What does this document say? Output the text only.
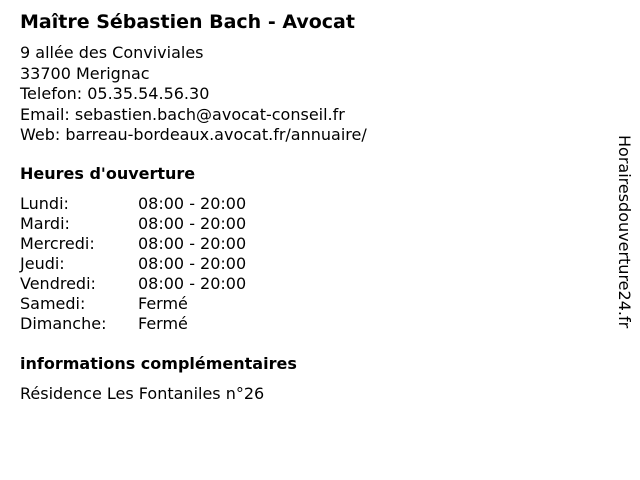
Maître Sébastien Bach - Avocat
9 allée des Conviviales
33700 Merignac
Telefon: 05.35.54.56.30
Email: sebastien.bach@avocat-conseil.fr
Web: barreau-bordeaux.avocat.fr/annuaire/
Heures d'ouverture
Lundi:	08:00 - 20:00
Mardi:	08:00 - 20:00
Mercredi:	08:00 - 20:00
Jeudi:	08:00 - 20:00
Vendredi:	08:00 - 20:00
Samedi:	Fermé
Dimanche:	Fermé
informations complémentaires
Résidence Les Fontaniles n°26
Horairesdouverture24.fr
